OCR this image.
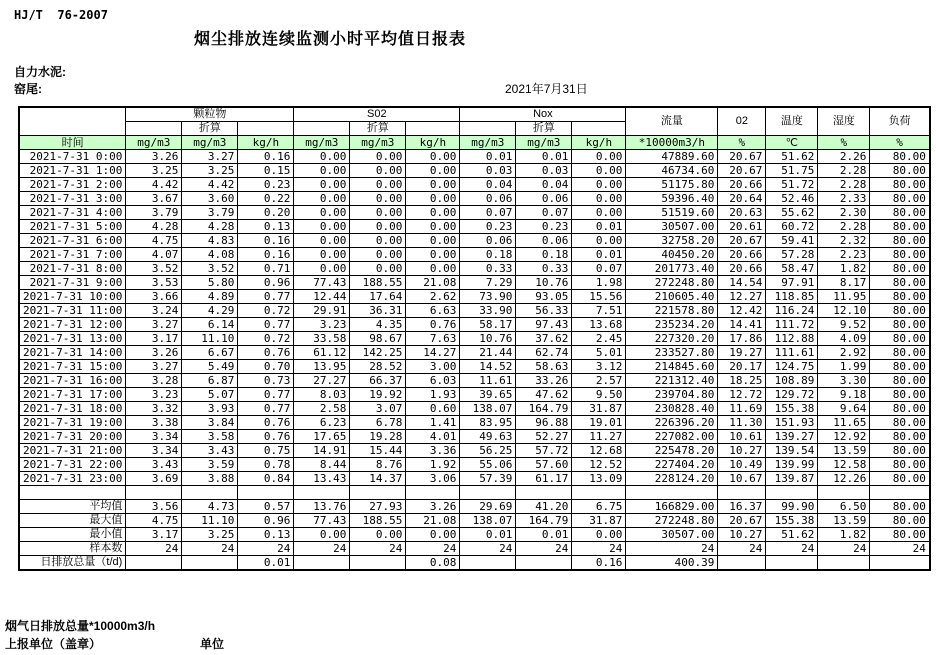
HJ/T  76-2007
烟尘排放连续监测小时平均值日报表
自力水泥:
窑尾:	2021年7月31日
	颗粒物			S02			Nox			流量	02	温度	湿度	负荷
		折算			折算			折算						
时间	mg/m3	mg/m3	kg/h	mg/m3	mg/m3	kg/h	mg/m3	mg/m3	kg/h	*10000m3/h	%	℃	%	%
2021-7-31 0:00	3.26	3.27	0.16	0.00	0.00	0.00	0.01	0.01	0.00	47889.60	20.67	51.62	2.26	80.00
2021-7-31 1:00	3.25	3.25	0.15	0.00	0.00	0.00	0.03	0.03	0.00	46734.60	20.67	51.75	2.28	80.00
2021-7-31 2:00	4.42	4.42	0.23	0.00	0.00	0.00	0.04	0.04	0.00	51175.80	20.66	51.72	2.28	80.00
2021-7-31 3:00	3.67	3.60	0.22	0.00	0.00	0.00	0.06	0.06	0.00	59396.40	20.64	52.46	2.33	80.00
2021-7-31 4:00	3.79	3.79	0.20	0.00	0.00	0.00	0.07	0.07	0.00	51519.60	20.63	55.62	2.30	80.00
2021-7-31 5:00	4.28	4.28	0.13	0.00	0.00	0.00	0.23	0.23	0.01	30507.00	20.61	60.72	2.28	80.00
2021-7-31 6:00	4.75	4.83	0.16	0.00	0.00	0.00	0.06	0.06	0.00	32758.20	20.67	59.41	2.32	80.00
2021-7-31 7:00	4.07	4.08	0.16	0.00	0.00	0.00	0.18	0.18	0.01	40450.20	20.66	57.28	2.23	80.00
2021-7-31 8:00	3.52	3.52	0.71	0.00	0.00	0.00	0.33	0.33	0.07	201773.40	20.66	58.47	1.82	80.00
2021-7-31 9:00	3.53	5.80	0.96	77.43	188.55	21.08	7.29	10.76	1.98	272248.80	14.54	97.91	8.17	80.00
2021-7-31 10:00	3.66	4.89	0.77	12.44	17.64	2.62	73.90	93.05	15.56	210605.40	12.27	118.85	11.95	80.00
2021-7-31 11:00	3.24	4.29	0.72	29.91	36.31	6.63	33.90	56.33	7.51	221578.80	12.42	116.24	12.10	80.00
2021-7-31 12:00	3.27	6.14	0.77	3.23	4.35	0.76	58.17	97.43	13.68	235234.20	14.41	111.72	9.52	80.00
2021-7-31 13:00	3.17	11.10	0.72	33.58	98.67	7.63	10.76	37.62	2.45	227320.20	17.86	112.88	4.09	80.00
2021-7-31 14:00	3.26	6.67	0.76	61.12	142.25	14.27	21.44	62.74	5.01	233527.80	19.27	111.61	2.92	80.00
2021-7-31 15:00	3.27	5.49	0.70	13.95	28.52	3.00	14.52	58.63	3.12	214845.60	20.17	124.75	1.99	80.00
2021-7-31 16:00	3.28	6.87	0.73	27.27	66.37	6.03	11.61	33.26	2.57	221312.40	18.25	108.89	3.30	80.00
2021-7-31 17:00	3.23	5.07	0.77	8.03	19.92	1.93	39.65	47.62	9.50	239704.80	12.72	129.72	9.18	80.00
2021-7-31 18:00	3.32	3.93	0.77	2.58	3.07	0.60	138.07	164.79	31.87	230828.40	11.69	155.38	9.64	80.00
2021-7-31 19:00	3.38	3.84	0.76	6.23	6.78	1.41	83.95	96.88	19.01	226396.20	11.30	151.93	11.65	80.00
2021-7-31 20:00	3.34	3.58	0.76	17.65	19.28	4.01	49.63	52.27	11.27	227082.00	10.61	139.27	12.92	80.00
2021-7-31 21:00	3.34	3.43	0.75	14.91	15.44	3.36	56.25	57.72	12.68	225478.20	10.27	139.54	13.59	80.00
2021-7-31 22:00	3.43	3.59	0.78	8.44	8.76	1.92	55.06	57.60	12.52	227404.20	10.49	139.99	12.58	80.00
2021-7-31 23:00	3.69	3.88	0.84	13.43	14.37	3.06	57.39	61.17	13.09	228124.20	10.67	139.87	12.26	80.00

平均值	3.56	4.73	0.57	13.76	27.93	3.26	29.69	41.20	6.75	166829.00	16.37	99.90	6.50	80.00
最大值	4.75	11.10	0.96	77.43	188.55	21.08	138.07	164.79	31.87	272248.80	20.67	155.38	13.59	80.00
最小值	3.17	3.25	0.13	0.00	0.00	0.00	0.01	0.01	0.00	30507.00	10.27	51.62	1.82	80.00
样本数	24	24	24	24	24	24	24	24	24	24	24	24	24	24
日排放总量（t/d)			0.01			0.08			0.16	400.39				
烟气日排放总量*10000m3/h
上报单位（盖章）	单位
